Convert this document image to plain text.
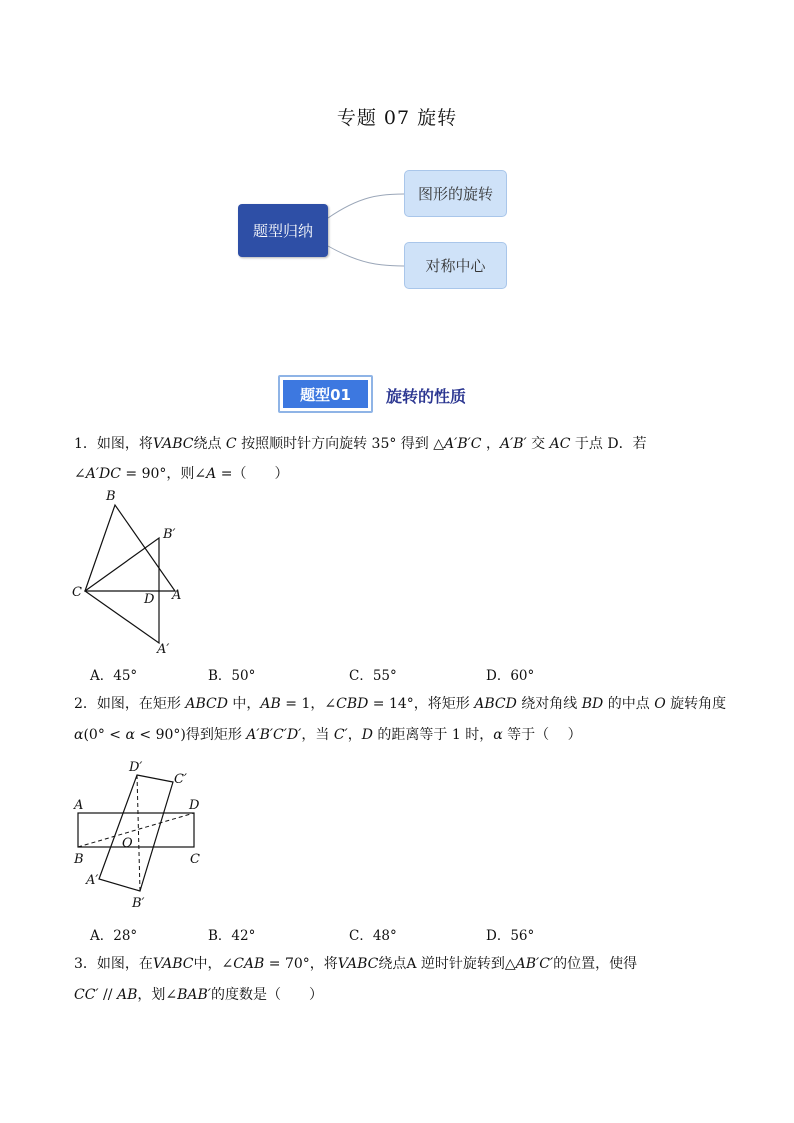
专题 07 旋转
题型归纳
图形的旋转
对称中心
题型01	旋转的性质
1．如图，将VABC绕点 C 按照顺时针方向旋转 35° 得到 △A′B′C ，A′B′ 交 AC 于点 D．若
∠A′DC = 90°，则∠A =（　　）
B
B′
C	D A
A′
A．45°	B．50°	C．55°	D．60°
2．如图，在矩形 ABCD 中，AB = 1，∠CBD = 14°，将矩形 ABCD 绕对角线 BD 的中点 O 旋转角度
α(0° < α < 90°)得到矩形 A′B′C′D′，当 C′，D 的距离等于 1 时，α 等于（　 ）
D′
C′
A	D
O
B	C
A′
B′
A．28°	B．42°	C．48°	D．56°
3．如图，在VABC中，∠CAB = 70°，将VABC绕点A 逆时针旋转到△AB′C′的位置，使得
CC′ // AB，划∠BAB′的度数是（　　）
